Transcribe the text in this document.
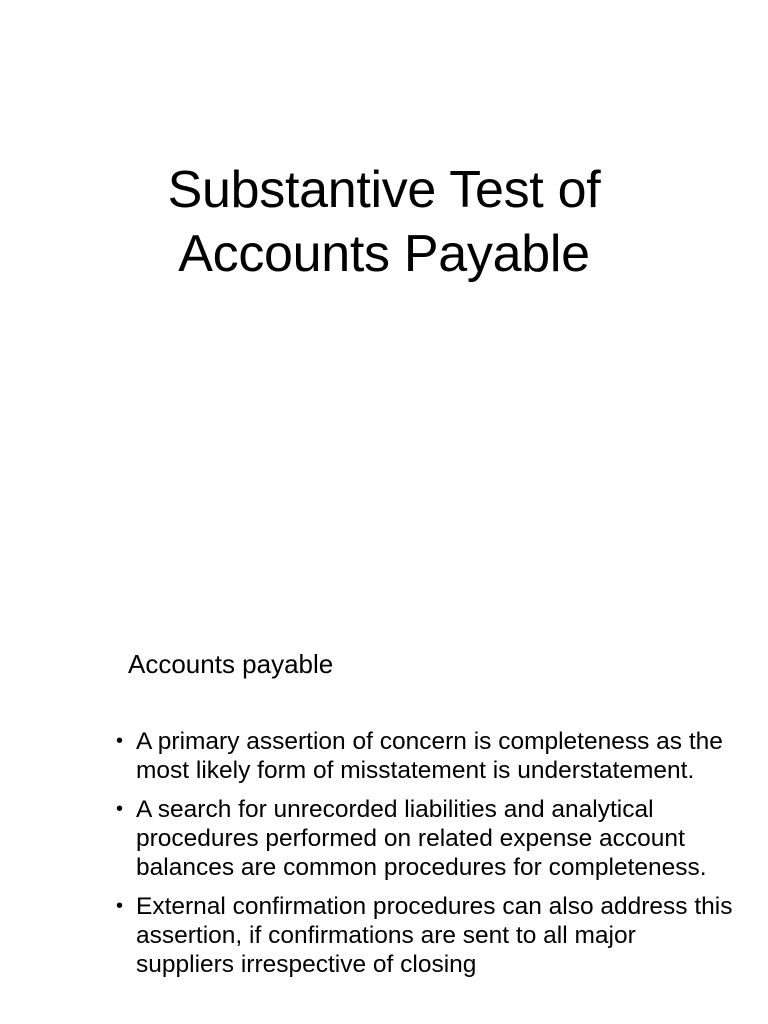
Substantive Test of
Accounts Payable
Accounts payable
• A primary assertion of concern is completeness as the most likely form of misstatement is understatement.
• A search for unrecorded liabilities and analytical procedures performed on related expense account balances are common procedures for completeness.
• External confirmation procedures can also address this assertion, if confirmations are sent to all major suppliers irrespective of closing
